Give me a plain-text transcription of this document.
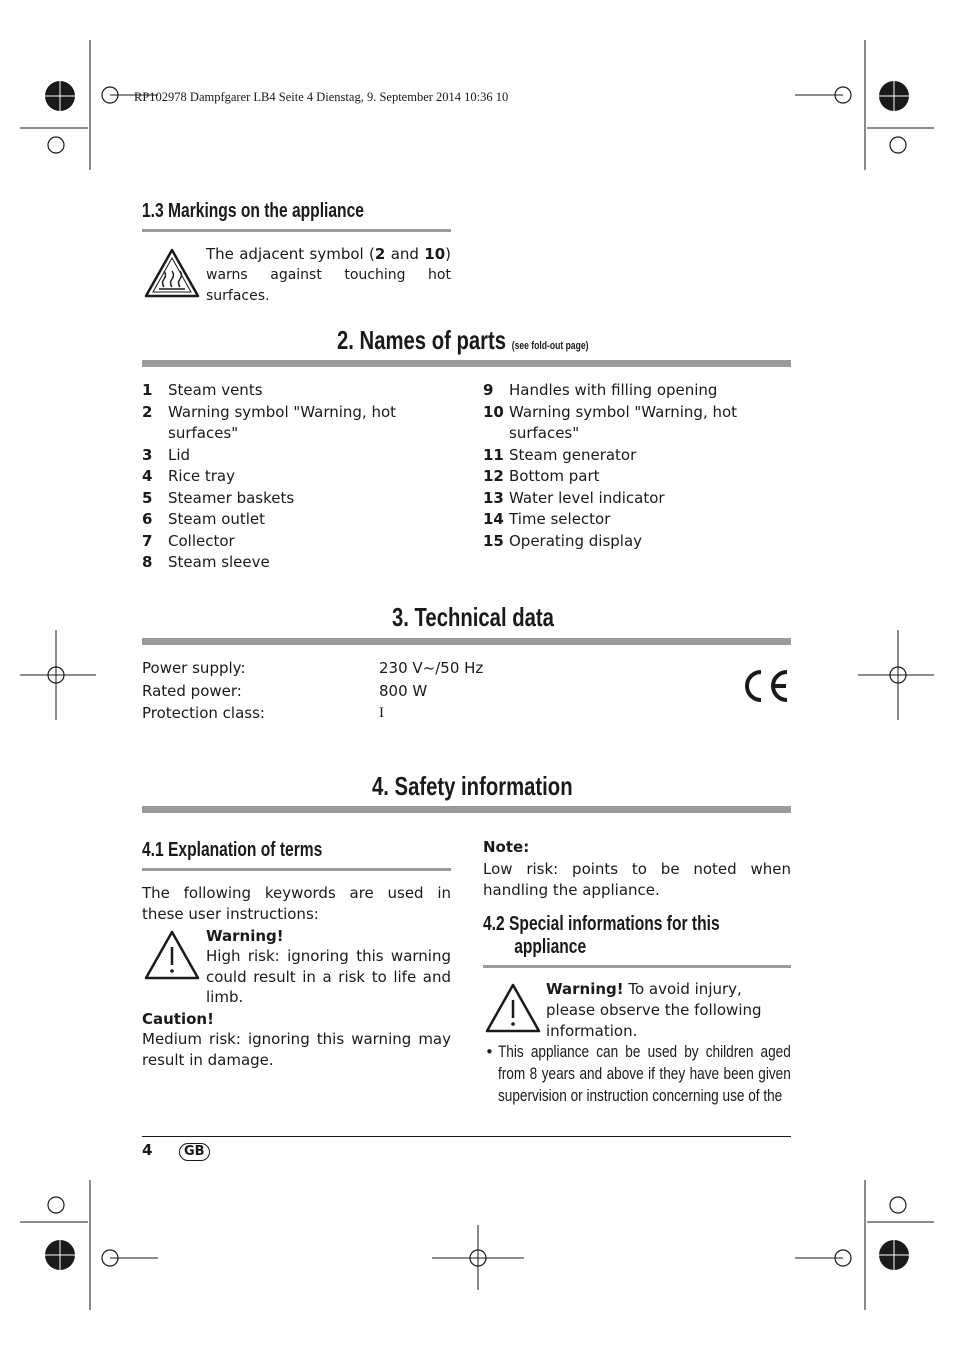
RP102978 Dampfgarer LB4 Seite 4 Dienstag, 9. September 2014 10:36 10
1.3 Markings on the appliance
The adjacent symbol (2 and 10)
warns against touching hot surfaces.
2. Names of parts (see fold-out page)
1	Steam vents
2	Warning symbol "Warning, hot surfaces"
3	Lid
4	Rice tray
5	Steamer baskets
6	Steam outlet
7	Collector
8	Steam sleeve
9	Handles with filling opening
10 Warning symbol "Warning, hot surfaces"
11 Steam generator
12 Bottom part
13 Water level indicator
14 Time selector
15 Operating display
3. Technical data
Power supply:	230 V~/50 Hz
Rated power:	800 W
Protection class:	I
4. Safety information
4.1 Explanation of terms
The following keywords are used in these user instructions:
Warning!
High risk: ignoring this warning could result in a risk to life and limb.
Caution!
Medium risk: ignoring this warning may result in damage.
Note:
Low risk: points to be noted when handling the appliance.
4.2 Special informations for this
appliance
Warning! To avoid injury, please observe the following information.
• This appliance can be used by children aged from 8 years and above if they have been given supervision or instruction concerning use of the
4	GB
